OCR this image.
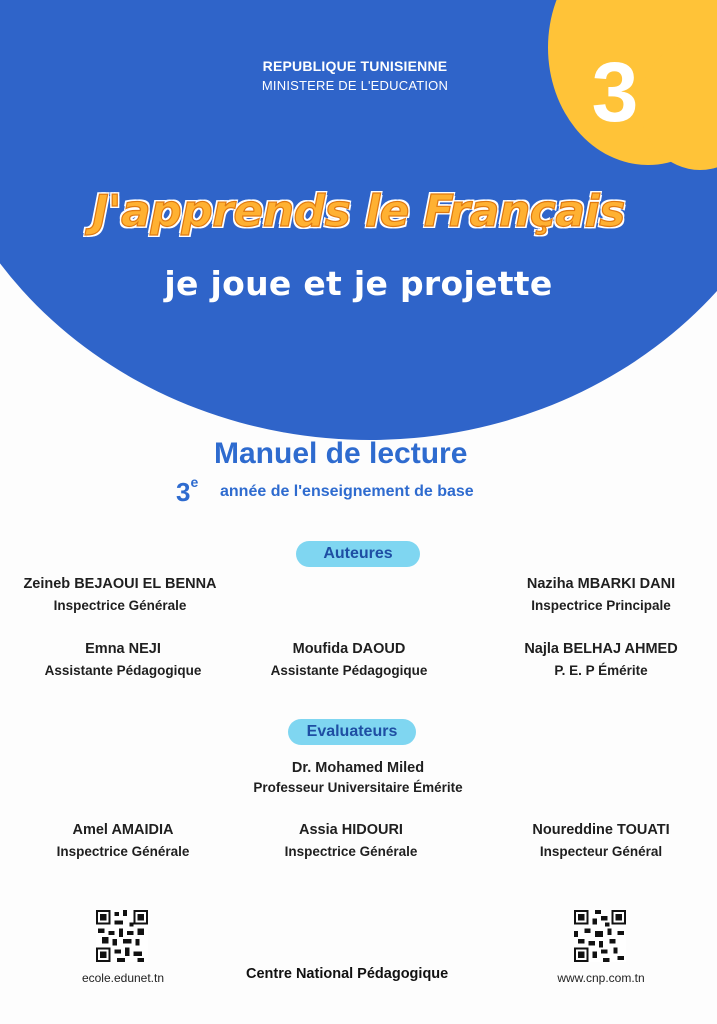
3
REPUBLIQUE TUNISIENNE
MINISTERE DE L'EDUCATION
J'apprends le Français
je joue et je projette
Manuel de lecture
3e
année de l'enseignement de base
Auteures
Zeineb BEJAOUI EL BENNA
Inspectrice Générale
Naziha MBARKI DANI
Inspectrice Principale
Emna NEJI
Assistante Pédagogique
Moufida DAOUD
Assistante Pédagogique
Najla BELHAJ AHMED
P. E. P Émérite
Evaluateurs
Dr. Mohamed Miled
Professeur Universitaire Émérite
Amel AMAIDIA
Inspectrice Générale
Assia HIDOURI
Inspectrice Générale
Noureddine TOUATI
Inspecteur Général
ecole.edunet.tn	Centre National Pédagogique	www.cnp.com.tn
